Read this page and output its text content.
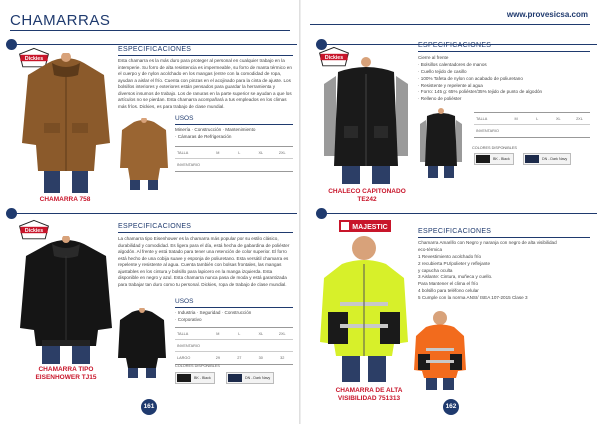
CHAMARRAS	www.provesicsa.com
Dickies
CHAMARRA 758
ESPECIFICACIONES
Esta chamarra es la más duro para proteger al personal en cualquier trabajo en la intemperie. Su forro de alta resistencia es impermeable, su forro de manta térmico en el cuerpo y de nylon acolchado en los mangas (entre con la comodidad de ropa, ayudan a aislar el frío. Cuenta con pinzas en el acojinado para la cinta de ajuste. Los bolsillos interiores y exteriores están pensados para guardar la herramienta y diversos insumos de trabajo. Los de ranuras en la parte superior se ayudan a que los artículos no se pierdan. Esta chamarra acompañará a tus empleados en los climas más fríos. Dickies, es para trabajo de clase mundial.
USOS
Minería · Construcción · Mantenimiento
· Cámaras de Refrigeración
TALLA	M	L	XL	2XL
INVENTARIO
Dickies
CHALECO CAPITONADO TE242
ESPECIFICACIONES
Cierre al frente
· Bolsillos calentadores de manos
· Cuello tejido de casillo
· 100% Tafeta de nylon con acabado de poliuretano
· Resistente y repelente al agua
· Forro: 145 g: 65% poliéster/35% tejido de punto de algodón
· Relleno de poliéster
TALLA	M	L	XL	2XL
INVENTARIO
COLORES DISPONIBLES
BK - Black	DN - Dark Navy
Dickies
CHAMARRA TIPO EISENHOWER TJ15
ESPECIFICACIONES
La chamarra tipo Eisenhower es la chamarra más popular por su estilo clásico, durabilidad y comodidad. Es ligera para el día, está hecha de gabardina de poliéster algodón. Al frente y está tratado para tener una retención de color superior. El forro está hecho de una cobija suave y esponja de poliuretano. Esta versátil chamarra es repelente y resistente al agua. Cuenta también con bolsas frontales, las mangas ajustables en los cintura y bolsillo para lapicero en la manga izquierda. Esta disponible en negro y azul. Esta chamarra nunca pasa de moda y está garantizada para trabajar tan duro como tu personal. Dickies, ropa de trabajo de clase mundial.
USOS
· Industria · Seguridad · Construcción
· Corporativo
TALLA	M	L	XL	2XL
INVENTARIO
LARGO	29	27	30	32
COLORES DISPONIBLES
BK - Black	DN - Dark Navy
161
MAJESTIC
CHAMARRA DE ALTA VISIBILIDAD 751313
ESPECIFICACIONES
Chamarra Amarillo con Negro y naranja con negro de alta visibilidad
eco-térmica
1 Revestimiento acolchado frío
2 recubierta PU/polieter y reflejante
y capucha oculta
3 Aislante: Cintura, muñeca y cuello.
Para Mantener el clima el frío
4 bolsillo para teléfono celular
5 Cumple con la norma ANSI/ ISEA 107-2015 Clase 3
162
